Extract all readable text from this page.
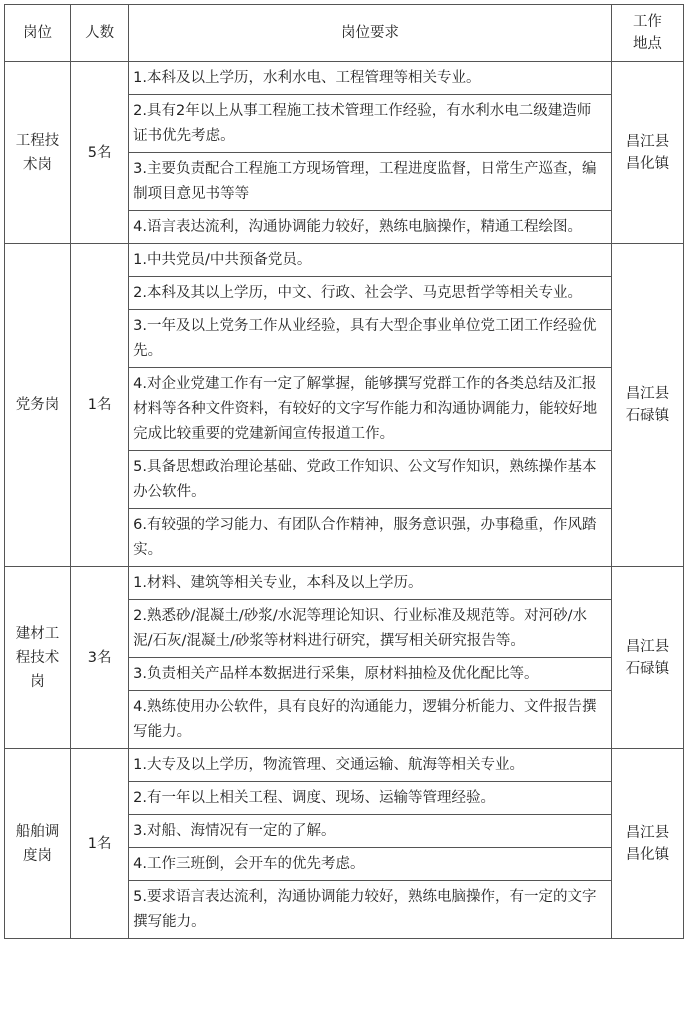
岗位	人数	岗位要求	工作地点
工程技术岗	5名	1.本科及以上学历，水利水电、工程管理等相关专业。	昌江县昌化镇
		2.具有2年以上从事工程施工技术管理工作经验，有水利水电二级建造师证书优先考虑。	
		3.主要负责配合工程施工方现场管理，工程进度监督，日常生产巡查，编制项目意见书等等	
		4.语言表达流利，沟通协调能力较好，熟练电脑操作，精通工程绘图。	
党务岗	1名	1.中共党员/中共预备党员。	昌江县石碌镇
		2.本科及其以上学历，中文、行政、社会学、马克思哲学等相关专业。	
		3.一年及以上党务工作从业经验，具有大型企事业单位党工团工作经验优先。	
		4.对企业党建工作有一定了解掌握，能够撰写党群工作的各类总结及汇报材料等各种文件资料，有较好的文字写作能力和沟通协调能力，能较好地完成比较重要的党建新闻宣传报道工作。	
		5.具备思想政治理论基础、党政工作知识、公文写作知识，熟练操作基本办公软件。	
		6.有较强的学习能力、有团队合作精神，服务意识强，办事稳重，作风踏实。	
建材工程技术岗	3名	1.材料、建筑等相关专业，本科及以上学历。	昌江县石碌镇
		2.熟悉砂/混凝土/砂浆/水泥等理论知识、行业标准及规范等。对河砂/水泥/石灰/混凝土/砂浆等材料进行研究，撰写相关研究报告等。	
		3.负责相关产品样本数据进行采集，原材料抽检及优化配比等。	
		4.熟练使用办公软件，具有良好的沟通能力，逻辑分析能力、文件报告撰写能力。	
船舶调度岗	1名	1.大专及以上学历，物流管理、交通运输、航海等相关专业。	昌江县昌化镇
		2.有一年以上相关工程、调度、现场、运输等管理经验。	
		3.对船、海情况有一定的了解。	
		4.工作三班倒，会开车的优先考虑。	
		5.要求语言表达流利，沟通协调能力较好，熟练电脑操作，有一定的文字撰写能力。	
